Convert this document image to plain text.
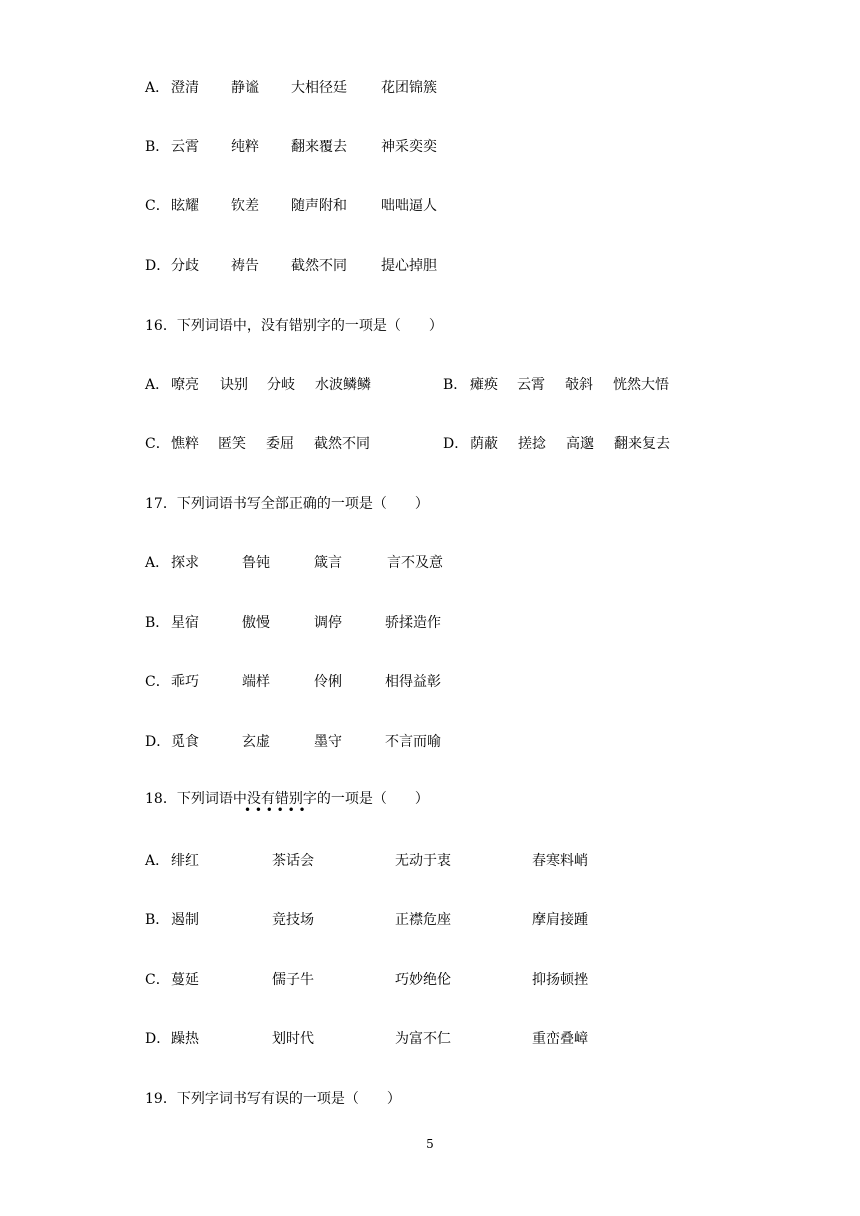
A． 澄清 静谧 大相径廷 花团锦簇
B． 云霄 纯粹 翻来覆去 神采奕奕
C． 眩耀 钦差 随声附和 咄咄逼人
D． 分歧 祷告 截然不同 提心掉胆
16．下列词语中，没有错别字的一项是（　　）
A． 嘹亮 诀别 分岐 水波鳞鳞	B． 瘫痪 云霄 攲斜 恍然大悟
C． 憔粹 匿笑 委屈 截然不同	D． 荫蔽 搓捻 高邈 翻来复去
17．下列词语书写全部正确的一项是（　　）
A． 探求	鲁钝	箴言	言不及意
B． 星宿	傲慢	调停	骄揉造作
C． 乖巧	端样	伶俐	相得益彰
D． 觅食	玄虚	墨守	不言而喻
18．下列词语中没有错别字的一项是（　　）
• • • • • •
A． 绯红	茶话会	无动于衷	春寒料峭
B． 遏制	竞技场	正襟危座	摩肩接踵
C． 蔓延	儒子牛	巧妙绝伦	抑扬顿挫
D． 躁热	划时代	为富不仁	重峦叠嶂
19．下列字词书写有误的一项是（　　）
5
